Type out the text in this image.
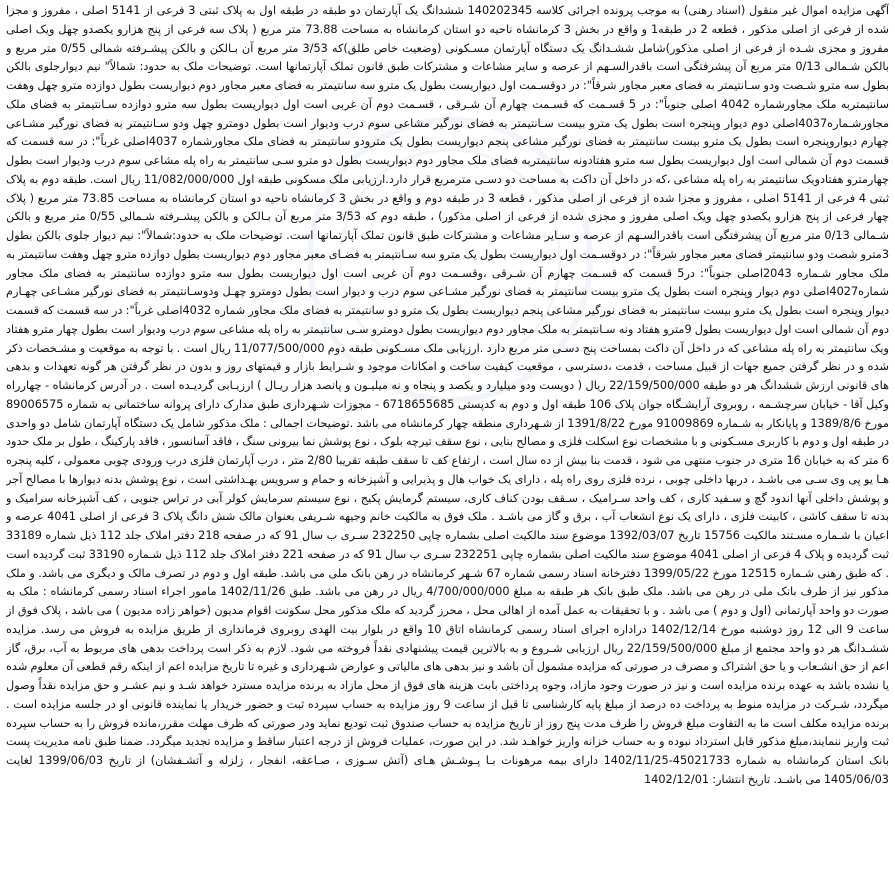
آگهی مزایده اموال غیر منقول (اسناد رهنی) به موجب پرونده اجرائی کلاسه 140202345 ششدانگ یک آپارتمان دو طبقه در طبقه اول به پلاک ثبتی 3 فرعی از 5141 اصلی ، مفروز و مجزا شده از فرعی از اصلی مذکور ، قطعه 2 در طبقه1 و واقع در بخش 3 کرمانشاه ناحیه دو استان کرمانشاه به مساحت 73.88 متر مربع ( پلاک سه فرعی از پنج هزارو یکصدو چهل ویک اصلی مفروز و مجزی شـده از فرعی از اصلی مذکور)شامل ششـدانگ یک دستگاه آپارتمان مسـکونی (وضعیت خاص طلق)که 3/53 متر مربع آن بـالکن و بالکن پیشـرفته شمالی 0/55 متر مربع و بالکن شـمالی 0/13 متر مربع آن پیشرفتگی است باقدرالسـهم از عرصه و سایر مشاعات و مشترکات طبق قانون تملک آپارتمانها است. توضیحات ملک به حدود: شمالاً" نیم دیوارجلوی بالکن بطول سه مترو شـصت ودو سـانتیمتر به فضای معبر مجاور شرقاً": در دوقسـمت اول دیواریست بطول یک مترو سه سانتیمتر به فضای معبر مجاور دوم دیواریست بطول دوازده مترو چهل وهفت سانتیمتربه ملک مجاورشماره 4042 اصلی جنوباً": در 5 قسـمت که قسـمت چهارم آن شـرقی ، قسـمت دوم آن غربی است اول دیواریست بطول سه مترو دوازده سـانتیمتر به فضای ملک مجاورشـماره4037اصلی دوم دیوار وپنجره است بطول یک مترو بیست سـانتیمتر به فضای نورگیر مشاعی سوم درب ودیوار است بطول دومترو چهل ودو سـانتیمتر به فضای نورگیر مشـاعی چهارم دیواروپنجره است بطول یک مترو بیست سانتیمتر به فضای نورگیر مشاعی پنجم دیواریست بطول یک مترودو سانتیمتر به فضای ملک مجاورشماره 4037اصلی غرباً": در سه قسمت که قسمت دوم آن شمالی است اول دیواریست بطول سه مترو هفتادونه سانتیمتربه فضای ملک مجاور دوم دیواریست بطول دو مترو سـی سانتیمتر به راه پله مشاعی سوم درب ودیوار است بطول چهارمترو هفتادویک سانتیمتر به راه پله مشاعی ،که در داخل آن داکت به مساحت دو دسـی مترمربع قرار دارد.ارزیابی ملک مسکونی طبقه اول 11/082/000/000 ریال است. طبقه دوم به پلاک ثبتی 4 فرعی از 5141 اصلی ، مفروز و مجزا شده از فرعی از اصلی مذکور ، قطعه 3 در طبقه دوم و واقع در بخش 3 کرمانشاه ناحیه دو استان کرمانشاه به مساحت 73.85 متر مربع ( پلاک چهار فرعی از پنج هزارو یکصدو چهل ویک اصلی مفروز و مجزی شده از فرعی از اصلی مذکور) ، طبقه دوم که 3/53 متر مربع آن بـالکن و بالکن پیشـرفته شـمالی 0/55 متر مربع و بالکن شـمالی 0/13 متر مربع آن پیشرفتگی است باقدرالسـهم از عرصه و سـایر مشاعات و مشترکات طبق قانون تملک آپارتمانها است. توضیحات ملک به حدود:شمالاً": نیم دیوار جلوی بالکن بطول 3مترو شصت ودو سانتیمتر فضای معبر مجاور شرقاً": در دوقسـمت اول دیواریست بطول یک مترو سه سـانتیمتر به فضـای معبر مجاور دوم دیواریست بطول دوازده مترو چهل وهفت سانتیمتر به ملک مجاور شـماره 2043اصلی جنوباً": در5 قسمت که قسـمت چهارم آن شـرقی ،وقسـمت دوم آن غربی است اول دیواریست بطول سه مترو دوازده سانتیمتر به فضای ملک مجاور شماره4027اصلی دوم دیوار وپنجره است بطول یک مترو بیست سانتیمتر به فضای نورگیر مشـاعی سوم درب و دیوار است بطول دومترو چهـل ودوسـانتیمتر به فضای نورگیر مشـاعی چهـارم دیوار وپنجره است بطول یک مترو بیست سانتیمتر به فضای نورگیر مشاعی پنجم دیواریست بطول یک مترو دو سانتیمتر به فضای ملک مجاور شماره 4032اصلی غرباً": در سه قسمت که قسمت دوم آن شمالی است اول دیواریست بطول 9مترو هفتاد ونه سـانتیمتر به ملک مجاور دوم دیواریست بطول دومترو سـی سانتیمتر به راه پله مشاعی سوم درب ودیوار است بطول چهار مترو هفتاد ویک سانتیمتر به راه پله مشاعی که در داخل آن داکت بمساحت پنج دسـی متر مربع دارد .ارزیابی ملک مسـکونی طبقه دوم 11/077/500/000 ریال است . با توجه به موقعیت و مشـخصات ذکر شده و در نظر گرفتن جمیع جهات از قبیل مساحت ، قدمت ،دسترسی ، موقعیت کیفیت ساخت و امکانات موجود و شـرایط بازار و قیمتهای روز و بدون در نظر گرفتن هر گونه تعهدات و بدهی های قانونی ارزش ششدانگ هر دو طبقه 22/159/500/000 ریال ( دویست ودو میلیارد و یکصد و پنجاه و نه میلیـون و پانصد هزار ریـال ) ارزیـابی گردیـده است . در آدرس کرمانشاه - چهارراه وکیل آقا - خیابان سرچشـمه ، روبروی آرایشـگاه جوان پلاک 106 طبقه اول و دوم به کدپستی 6718655685 - مجوزات شـهرداری طبق مدارک دارای پروانه ساختمانی به شماره 89006575 مورخ 1389/8/6 و پایانکار به شـماره 91009869 مورخ 1391/8/22 از شـهرداری منطقه چهار کرمانشاه می باشد .توضیحات اجمالی : ملک مذکور شامل یک دستگاه آپارتمان شامل دو واحدی در طبقه اول و دوم با کاربری مسـکونی و با مشخصات نوع اسکلت فلزی و مصالح بنایی ، نوع سقف تیرچه بلوک ، نوع پوشش نما بیرونی سنگ ، فاقد آسانسور ، فاقد پارکینگ ، طول بر ملک حدود 6 متر که به خیابان 16 متری در جنوب منتهی می شود ، قدمت بنا بیش از ده سال است ، ارتفاع کف تا سقف طبقه تقریبا 2/80 متر ، درب آپارتمان فلزی درب ورودی چوبی معمولی ، کلیه پنجره هـا یو پی وی سـی می باشـد ، دربها داخلی چوبی ، نرده فلزی روی راه پله ، دارای یک خواب هال و پذیرایی و آشپزخانه و حمام و سرویس بهـداشتی است ، نوع پوشش بدنه دیوارها با مصالح آجر و پوشش داخلی آنها اندود گچ و سـفید کاری ، کف واحد سـرامیک ، سـقف بودن کناف کاری، سیستم گرمایش پکیج ، نوع سیستم سرمایش کولر آبی در تراس جنوبی ، کف آشپزخانه سرامیک و بدنه تا سقف کاشی ، کابینت فلزی ، دارای یک نوع انشعاب آب ، برق و گاز می باشـد . ملک فوق به مالکیت خانم وجیهه شـریفی بعنوان مالک شش دانگ پلاک 3 فرعی از اصلی 4041 عرصه و اعیان با شـماره مسـتند مالکیت 15756 تاریخ 1392/03/07 موضوع سند مالکیت اصلی بشماره چاپی 232250 سـری ب سال 91 که در صفحه 218 دفتر املاک جلد 112 ذیل شماره 33189 ثبت گردیده و پلاک 4 فرعی از اصلی 4041 موضوع سند مالکیت اصلی بشماره چاپی 232251 سـری ب سال 91 که در صفحه 221 دفتر املاک جلد 112 ذیل شـماره 33190 ثبت گردیده است . که طبق رهنی شـماره 12515 مورخ 1399/05/22 دفترخانه اسناد رسمی شماره 67 شـهر کرمانشاه در رهن بانک ملی می باشد. طبقه اول و دوم در تصرف مالک و دیگری می باشد. و ملک مذکور نیز از طرف بانک ملی در رهن می باشد. ملک طبق بانک هر طبقه به مبلغ 4/700/000/000 ریال در رهن می باشد. طبق 1402/11/26 مامور اجراء اسناد رسمی کرمانشاه : ملک به صورت دو واحد آپارتمانی (اول و دوم ) می باشد . و با تحقیقات به عمل آمده از اهالی محل ، محرز گردید که ملک مذکور محل سکونت اقوام مدیون (خواهر زاده مدیون ) می باشد ، پلاک فوق از ساعت 9 الی 12 روز دوشنبه مورخ 1402/12/14 دراداره اجرای اسناد رسمی کرمانشاه اتاق 10 واقع در بلوار بیت الهدی روبروی فرمانداری از طریق مزایده به فروش می رسد. مزایده ششـدانگ هر دو واحد مجتمع از مبلغ 22/159/500/000 ریال ارزیابی شـروع و به بالاترین قیمت پیشنهادی نقداً فروخته می شود. لازم به ذکر است پرداخت بدهی های مربوط به آب، برق، گاز اعم از حق انشـعاب و یا حق اشتراک و مصرف در صورتی که مزایده مشمول آن باشد و نیز بدهی های مالیاتی و عوارض شـهرداری و غیره تا تاریخ مزایده اعم از اینکه رقم قطعی آن معلوم شده یا نشده باشد به عهده برنده مزایده است و نیز در صورت وجود مازاد، وجوه پرداختی بابت هزینه های فوق از محل مازاد به برنده مزایده مسترد خواهد شـد و نیم عشـر و حق مزایده نقداً وصول میگردد، شـرکت در مزایده منوط به پرداخت ده درصد از مبلغ پایه کارشناسی تا قبل از ساعت 9 روز مزایده به حساب سپرده ثبت و حضور خریدار یا نماینده قانونی او در جلسه مزایده است . برنده مزایده مکلف است ما به التفاوت مبلغ فروش را ظرف مدت پنج روز از تاریخ مزایده به حساب صندوق ثبت تودیع نماید ودر صورتی که ظرف مهلت مقرر،مانده فروش را به حساب سپرده ثبت واریز ننمایند،مبلغ مذکور قابل استرداد نبوده و به حساب خزانه واریز خواهـد شد. در این صورت، عملیات فروش از درجه اعتبار ساقط و مزایده تجدید میگردد. ضمنا طبق نامه مدیریت پست بانک استان کرمانشاه به شماره 45021733-1402/11/25 دارای بیمه مرهونات بـا پـوشـش هـای (آتش سـوزی ، صـاعقه، انفجار ، زلزله و آتشـفشان) از تاریخ 1399/06/03 لغایت 1405/06/03 می باشـد. تاریخ انتشار: 1402/12/01
